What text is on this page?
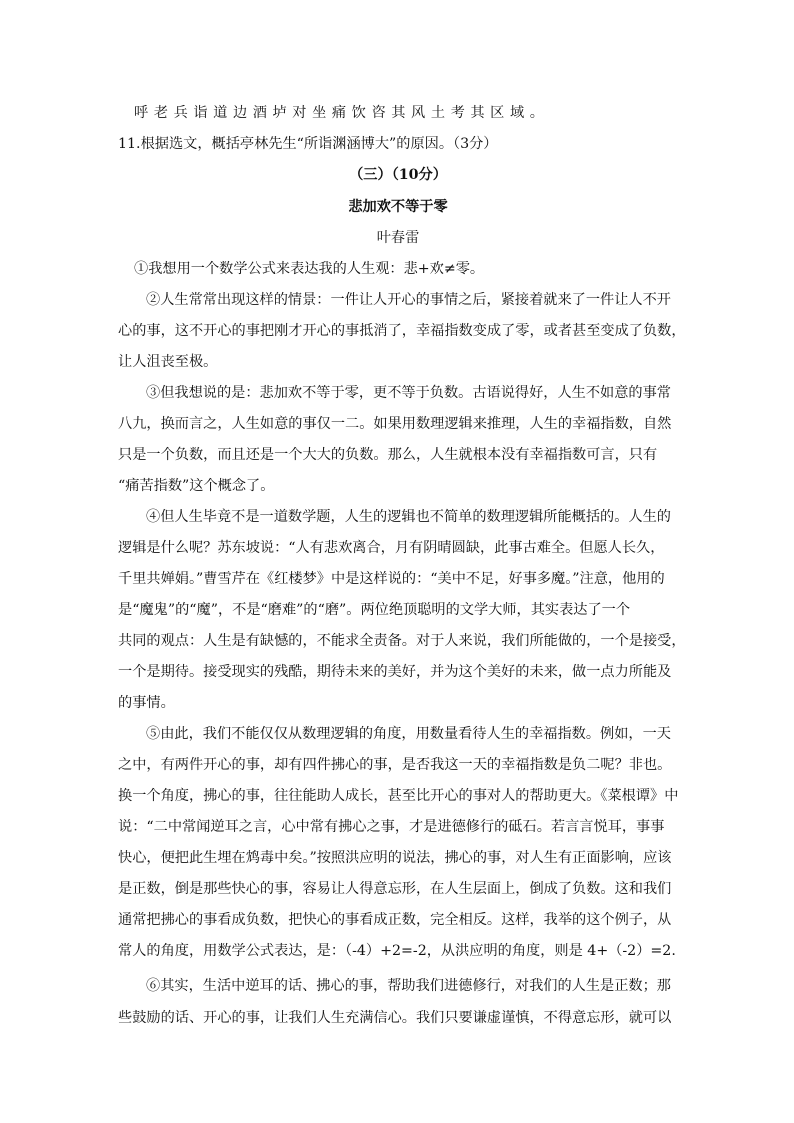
呼老兵诣道边酒垆对坐痛饮咨其风土考其区域。
11.根据选文，概括亭林先生“所诣渊涵博大”的原因。（3分）
（三）（10分）
悲加欢不等于零
叶春雷
①我想用一个数学公式来表达我的人生观：悲+欢≠零。
②人生常常出现这样的情景：一件让人开心的事情之后，紧接着就来了一件让人不开
心的事，这不开心的事把刚才开心的事抵消了，幸福指数变成了零，或者甚至变成了负数，
让人沮丧至极。
③但我想说的是：悲加欢不等于零，更不等于负数。古语说得好，人生不如意的事常
八九，换而言之，人生如意的事仅一二。如果用数理逻辑来推理，人生的幸福指数，自然
只是一个负数，而且还是一个大大的负数。那么，人生就根本没有幸福指数可言，只有
“痛苦指数”这个概念了。
④但人生毕竟不是一道数学题，人生的逻辑也不简单的数理逻辑所能概括的。人生的
逻辑是什么呢？苏东坡说：“人有悲欢离合，月有阴晴圆缺，此事古难全。但愿人长久，
千里共婵娟。”曹雪芹在《红楼梦》中是这样说的：“美中不足，好事多魔。”注意，他用的
是“魔鬼”的“魔”，不是“磨难”的“磨”。两位绝顶聪明的文学大师，其实表达了一个
共同的观点：人生是有缺憾的，不能求全责备。对于人来说，我们所能做的，一个是接受，
一个是期待。接受现实的残酷，期待未来的美好，并为这个美好的未来，做一点力所能及
的事情。
⑤由此，我们不能仅仅从数理逻辑的角度，用数量看待人生的幸福指数。例如，一天
之中，有两件开心的事，却有四件拂心的事，是否我这一天的幸福指数是负二呢？非也。
换一个角度，拂心的事，往往能助人成长，甚至比开心的事对人的帮助更大。《菜根谭》中
说：“二中常闻逆耳之言，心中常有拂心之事，才是进德修行的砥石。若言言悦耳，事事
快心，便把此生埋在鸩毒中矣。”按照洪应明的说法，拂心的事，对人生有正面影响，应该
是正数，倒是那些快心的事，容易让人得意忘形，在人生层面上，倒成了负数。这和我们
通常把拂心的事看成负数，把快心的事看成正数，完全相反。这样，我举的这个例子，从
常人的角度，用数学公式表达，是：（-4）+2=-2，从洪应明的角度，则是 4+（-2）=2.
⑥其实，生活中逆耳的话、拂心的事，帮助我们进德修行，对我们的人生是正数；那
些鼓励的话、开心的事，让我们人生充满信心。我们只要谦虚谨慎，不得意忘形，就可以
